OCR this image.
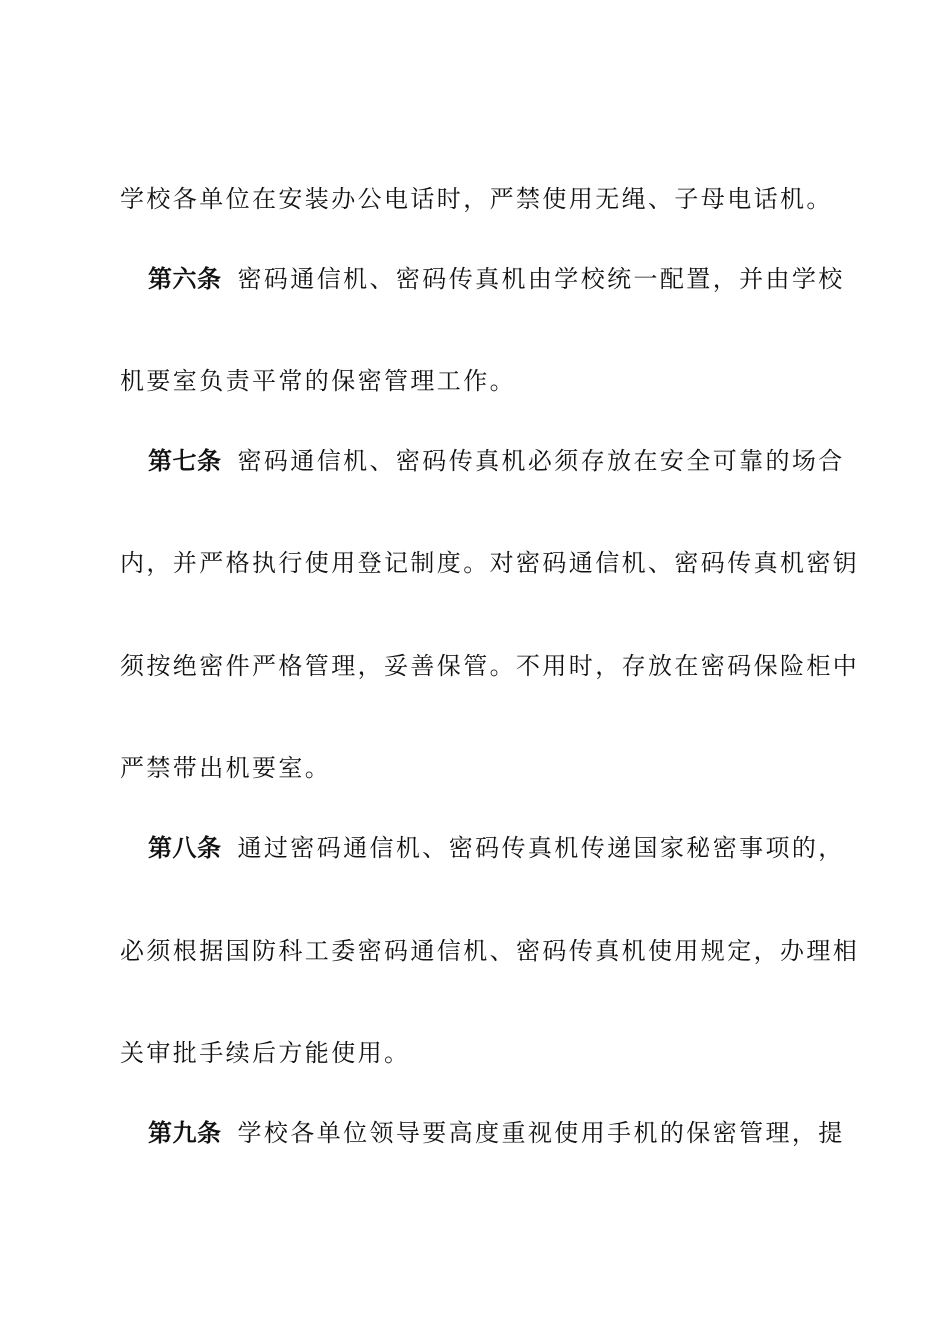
学校各单位在安装办公电话时，严禁使用无绳、子母电话机。
第六条 密码通信机、密码传真机由学校统一配置，并由学校
机要室负责平常的保密管理工作。
第七条 密码通信机、密码传真机必须存放在安全可靠的场合
内，并严格执行使用登记制度。对密码通信机、密码传真机密钥
须按绝密件严格管理，妥善保管。不用时，存放在密码保险柜中
严禁带出机要室。
第八条 通过密码通信机、密码传真机传递国家秘密事项的，
必须根据国防科工委密码通信机、密码传真机使用规定，办理相
关审批手续后方能使用。
第九条 学校各单位领导要高度重视使用手机的保密管理，提
